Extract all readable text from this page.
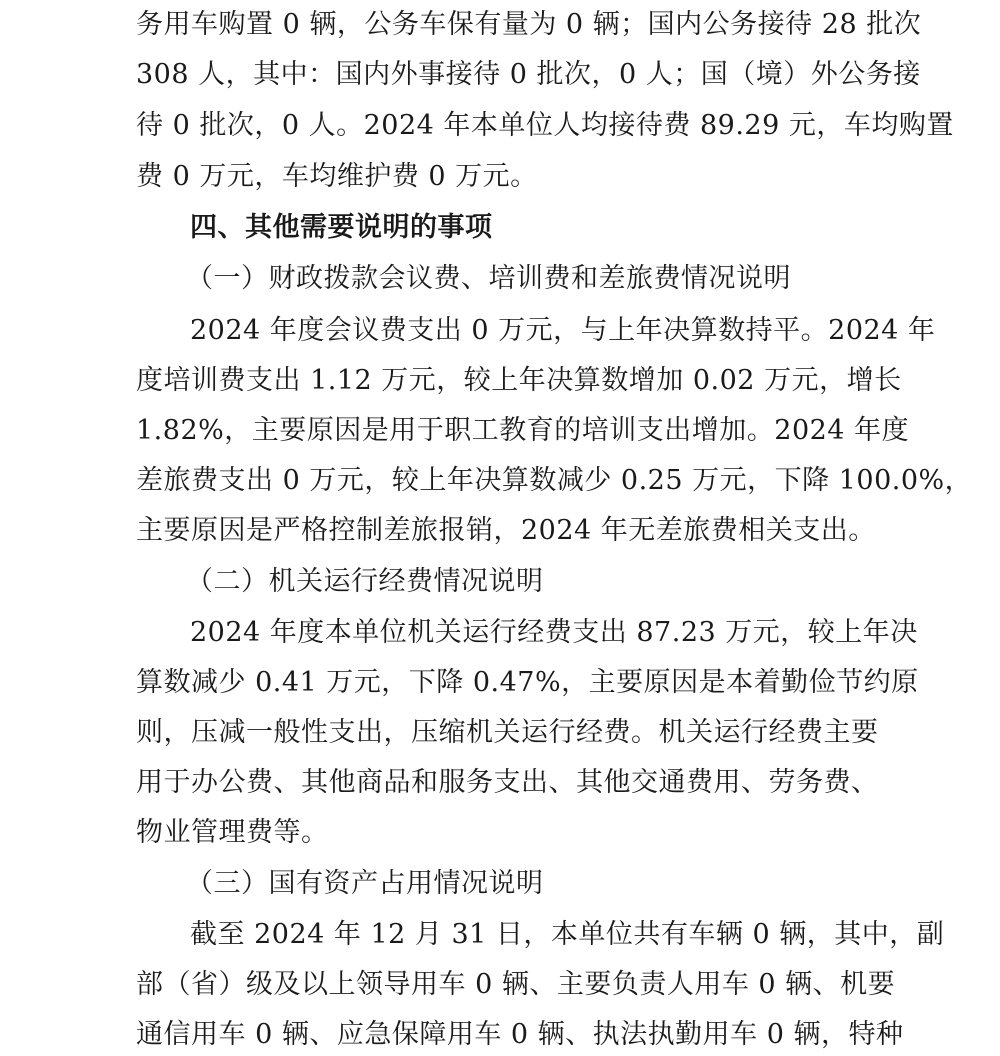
务用车购置 0 辆，公务车保有量为 0 辆；国内公务接待 28 批次
308 人，其中：国内外事接待 0 批次，0 人；国（境）外公务接
待 0 批次，0 人。2024 年本单位人均接待费 89.29 元，车均购置
费 0 万元，车均维护费 0 万元。
四、其他需要说明的事项
（一）财政拨款会议费、培训费和差旅费情况说明
2024 年度会议费支出 0 万元，与上年决算数持平。2024 年
度培训费支出 1.12 万元，较上年决算数增加 0.02 万元，增长
1.82%，主要原因是用于职工教育的培训支出增加。2024 年度
差旅费支出 0 万元，较上年决算数减少 0.25 万元，下降 100.0%，
主要原因是严格控制差旅报销，2024 年无差旅费相关支出。
（二）机关运行经费情况说明
2024 年度本单位机关运行经费支出 87.23 万元，较上年决
算数减少 0.41 万元，下降 0.47%，主要原因是本着勤俭节约原
则，压减一般性支出，压缩机关运行经费。机关运行经费主要
用于办公费、其他商品和服务支出、其他交通费用、劳务费、
物业管理费等。
（三）国有资产占用情况说明
截至 2024 年 12 月 31 日，本单位共有车辆 0 辆，其中，副
部（省）级及以上领导用车 0 辆、主要负责人用车 0 辆、机要
通信用车 0 辆、应急保障用车 0 辆、执法执勤用车 0 辆，特种
